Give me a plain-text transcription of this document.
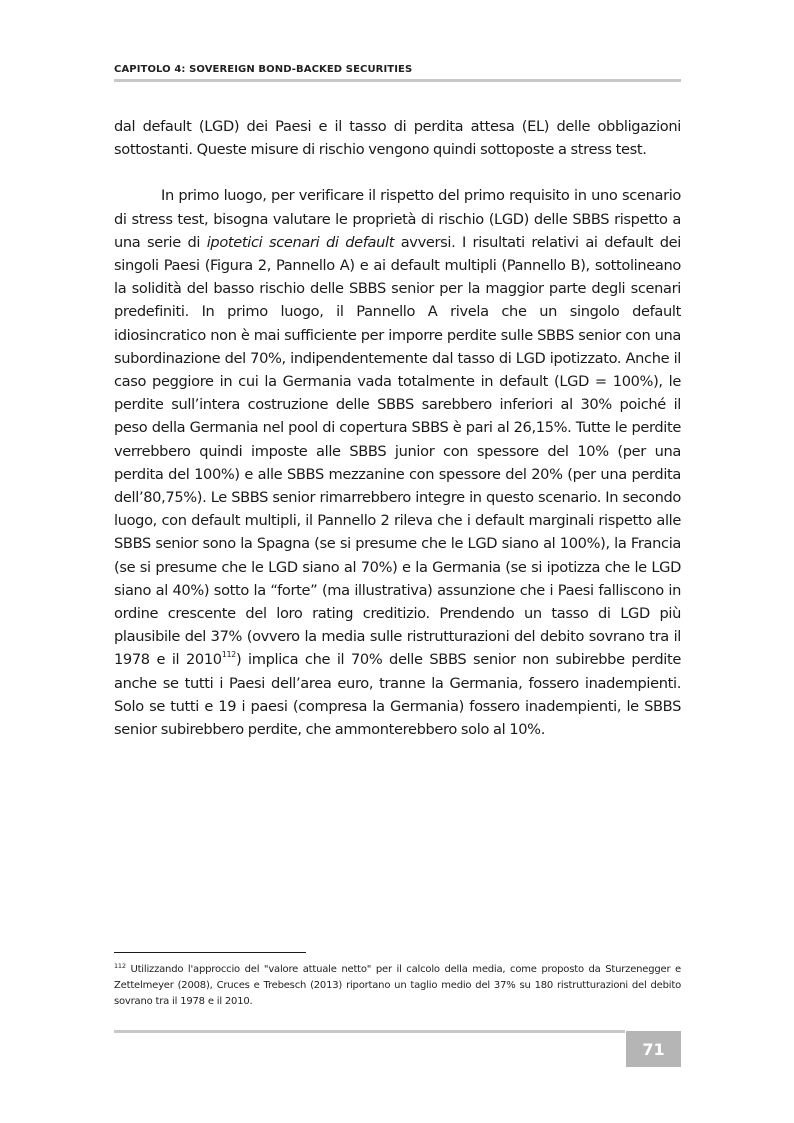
CAPITOLO 4: SOVEREIGN BOND-BACKED SECURITIES

dal default (LGD) dei Paesi e il tasso di perdita attesa (EL) delle obbligazioni sottostanti. Queste misure di rischio vengono quindi sottoposte a stress test.

In primo luogo, per verificare il rispetto del primo requisito in uno scenario di stress test, bisogna valutare le proprietà di rischio (LGD) delle SBBS rispetto a una serie di ipotetici scenari di default avversi. I risultati relativi ai default dei singoli Paesi (Figura 2, Pannello A) e ai default multipli (Pannello B), sottolineano la solidità del basso rischio delle SBBS senior per la maggior parte degli scenari predefiniti. In primo luogo, il Pannello A rivela che un singolo default idiosincratico non è mai sufficiente per imporre perdite sulle SBBS senior con una subordinazione del 70%, indipendentemente dal tasso di LGD ipotizzato. Anche il caso peggiore in cui la Germania vada totalmente in default (LGD = 100%), le perdite sull’intera costruzione delle SBBS sarebbero inferiori al 30% poiché il peso della Germania nel pool di copertura SBBS è pari al 26,15%. Tutte le perdite verrebbero quindi imposte alle SBBS junior con spessore del 10% (per una perdita del 100%) e alle SBBS mezzanine con spessore del 20% (per una perdita dell’80,75%). Le SBBS senior rimarrebbero integre in questo scenario. In secondo luogo, con default multipli, il Pannello 2 rileva che i default marginali rispetto alle SBBS senior sono la Spagna (se si presume che le LGD siano al 100%), la Francia (se si presume che le LGD siano al 70%) e la Germania (se si ipotizza che le LGD siano al 40%) sotto la “forte” (ma illustrativa) assunzione che i Paesi falliscono in ordine crescente del loro rating creditizio. Prendendo un tasso di LGD più plausibile del 37% (ovvero la media sulle ristrutturazioni del debito sovrano tra il 1978 e il 2010$^{112}$) implica che il 70% delle SBBS senior non subirebbe perdite anche se tutti i Paesi dell’area euro, tranne la Germania, fossero inadempienti. Solo se tutti e 19 i paesi (compresa la Germania) fossero inadempienti, le SBBS senior subirebbero perdite, che ammonterebbero solo al 10%.

$^{112}$ Utilizzando l'approccio del "valore attuale netto" per il calcolo della media, come proposto da Sturzenegger e Zettelmeyer (2008), Cruces e Trebesch (2013) riportano un taglio medio del 37% su 180 ristrutturazioni del debito sovrano tra il 1978 e il 2010.
71
